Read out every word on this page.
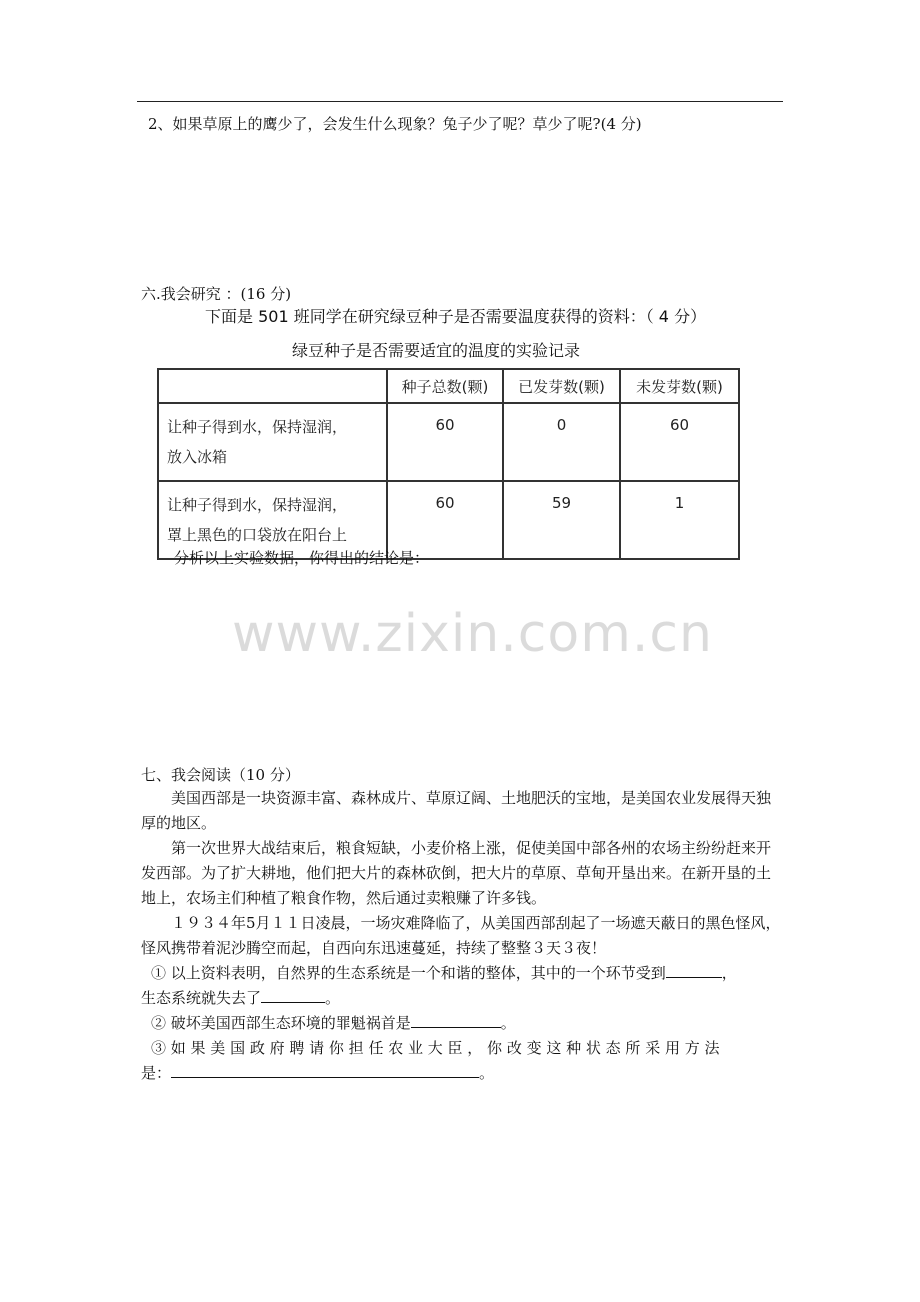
2、如果草原上的鹰少了，会发生什么现象？兔子少了呢？草少了呢?(4 分)
六.我会研究 ：(16 分)
下面是 501 班同学在研究绿豆种子是否需要温度获得的资料：（ 4 分）
绿豆种子是否需要适宜的温度的实验记录
	种子总数(颗)	已发芽数(颗)	未发芽数(颗)

让种子得到水，保持湿润，
放入冰箱	60	0	60

让种子得到水，保持湿润，
罩上黑色的口袋放在阳台上	60	59	1
分析以上实验数据，你得出的结论是：
www.zixin.com.cn
七、我会阅读（10 分）
美国西部是一块资源丰富、森林成片、草原辽阔、土地肥沃的宝地，是美国农业发展得天独厚的地区。
第一次世界大战结束后，粮食短缺，小麦价格上涨，促使美国中部各州的农场主纷纷赶来开发西部。为了扩大耕地，他们把大片的森林砍倒，把大片的草原、草甸开垦出来。在新开垦的土地上，农场主们种植了粮食作物，然后通过卖粮赚了许多钱。
１９３４年5月１１日凌晨，一场灾难降临了，从美国西部刮起了一场遮天蔽日的黑色怪风，怪风携带着泥沙腾空而起，自西向东迅速蔓延，持续了整整３天３夜！
① 以上资料表明，自然界的生态系统是一个和谐的整体，其中的一个环节受到	，
生态系统就失去了	。
② 破坏美国西部生态环境的罪魁祸首是	。
③ 如 果 美 国 政 府 聘 请 你 担 任 农 业 大 臣 ， 你 改 变 这 种 状 态 所 采 用 方 法
是：	。
